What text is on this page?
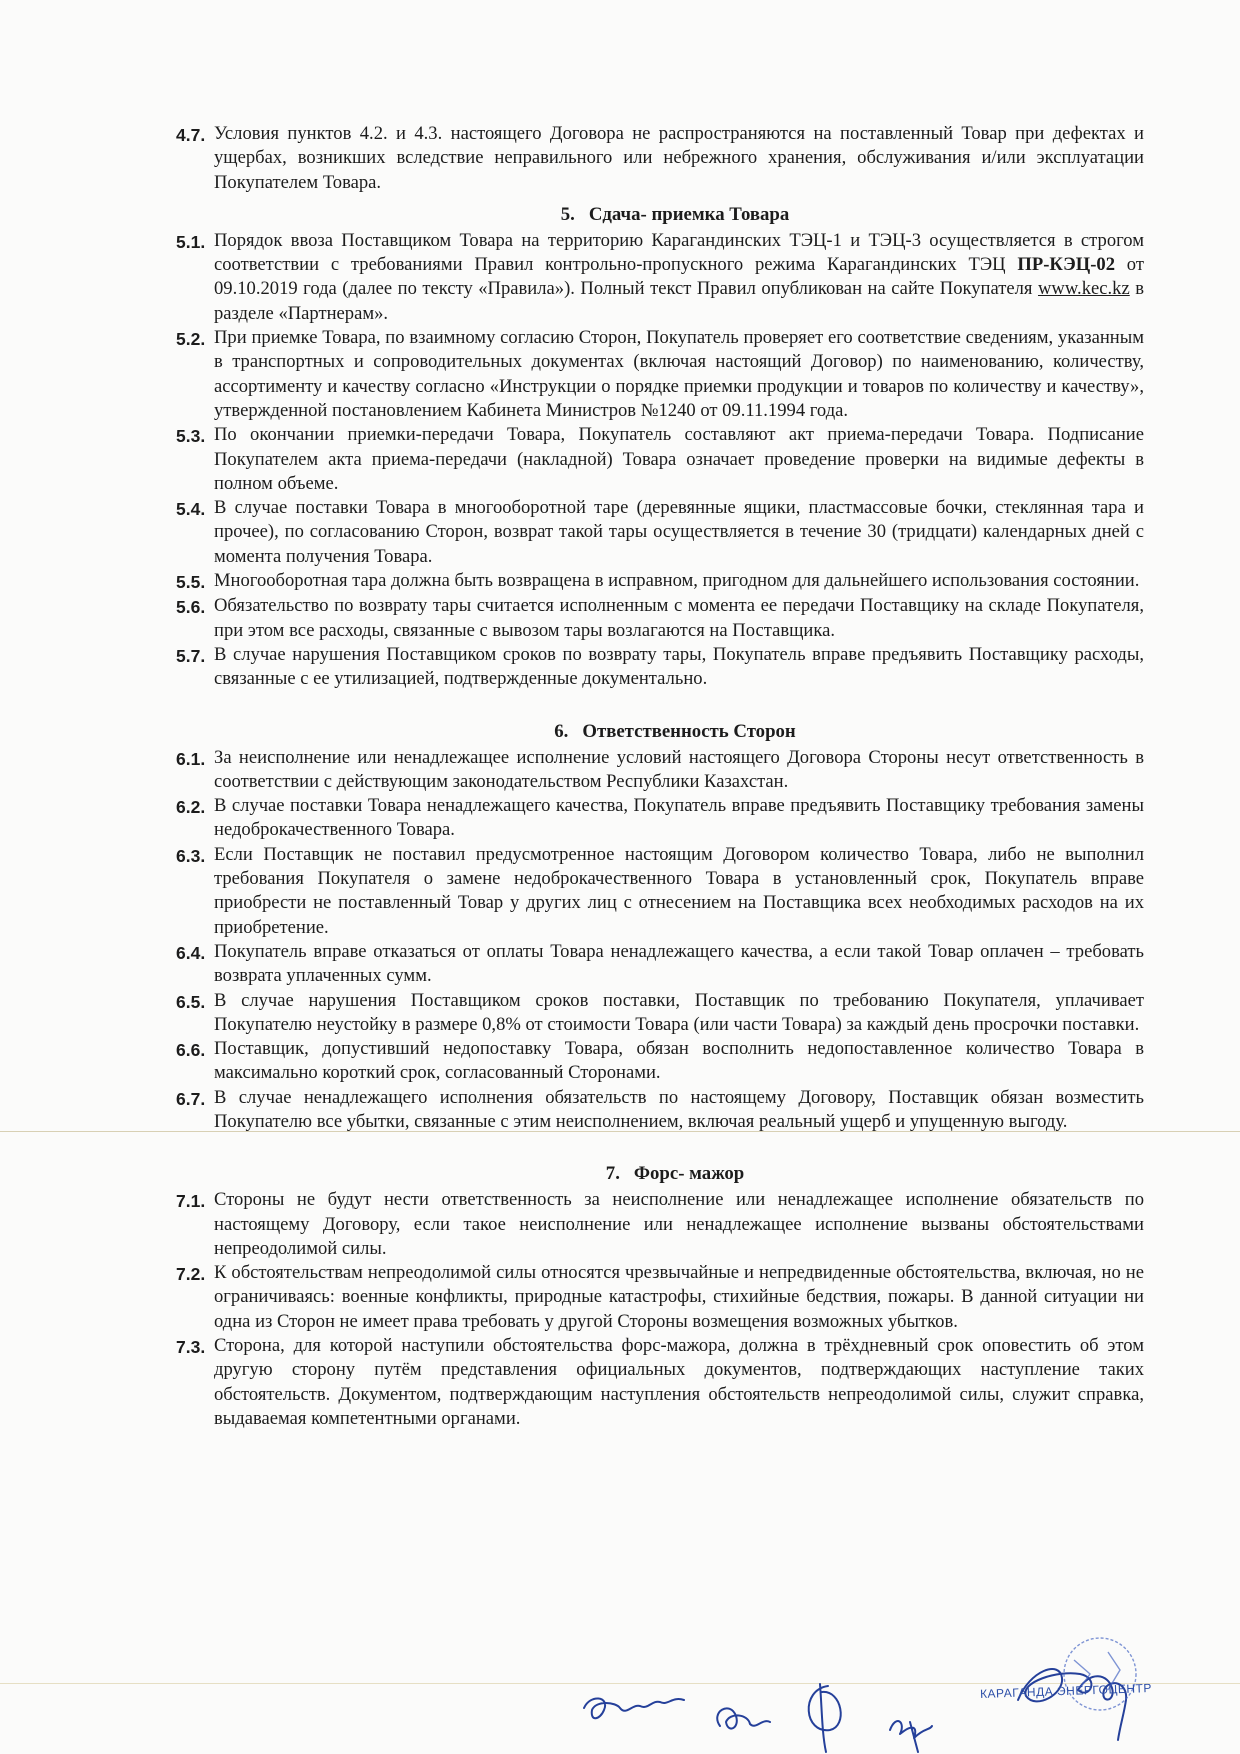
4.7. Условия пунктов 4.2. и 4.3. настоящего Договора не распространяются на поставленный Товар при дефектах и ущербах, возникших вследствие неправильного или небрежного хранения, обслуживания и/или эксплуатации Покупателем Товара.
5. Сдача- приемка Товара
5.1. Порядок ввоза Поставщиком Товара на территорию Карагандинских ТЭЦ-1 и ТЭЦ-3 осуществляется в строгом соответствии с требованиями Правил контрольно-пропускного режима Карагандинских ТЭЦ ПР-КЭЦ-02 от 09.10.2019 года (далее по тексту «Правила»). Полный текст Правил опубликован на сайте Покупателя www.kec.kz в разделе «Партнерам».
5.2. При приемке Товара, по взаимному согласию Сторон, Покупатель проверяет его соответствие сведениям, указанным в транспортных и сопроводительных документах (включая настоящий Договор) по наименованию, количеству, ассортименту и качеству согласно «Инструкции о порядке приемки продукции и товаров по количеству и качеству», утвержденной постановлением Кабинета Министров №1240 от 09.11.1994 года.
5.3. По окончании приемки-передачи Товара, Покупатель составляют акт приема-передачи Товара. Подписание Покупателем акта приема-передачи (накладной) Товара означает проведение проверки на видимые дефекты в полном объеме.
5.4. В случае поставки Товара в многооборотной таре (деревянные ящики, пластмассовые бочки, стеклянная тара и прочее), по согласованию Сторон, возврат такой тары осуществляется в течение 30 (тридцати) календарных дней с момента получения Товара.
5.5. Многооборотная тара должна быть возвращена в исправном, пригодном для дальнейшего использования состоянии.
5.6. Обязательство по возврату тары считается исполненным с момента ее передачи Поставщику на складе Покупателя, при этом все расходы, связанные с вывозом тары возлагаются на Поставщика.
5.7. В случае нарушения Поставщиком сроков по возврату тары, Покупатель вправе предъявить Поставщику расходы, связанные с ее утилизацией, подтвержденные документально.
6. Ответственность Сторон
6.1. За неисполнение или ненадлежащее исполнение условий настоящего Договора Стороны несут ответственность в соответствии с действующим законодательством Республики Казахстан.
6.2. В случае поставки Товара ненадлежащего качества, Покупатель вправе предъявить Поставщику требования замены недоброкачественного Товара.
6.3. Если Поставщик не поставил предусмотренное настоящим Договором количество Товара, либо не выполнил требования Покупателя о замене недоброкачественного Товара в установленный срок, Покупатель вправе приобрести не поставленный Товар у других лиц с отнесением на Поставщика всех необходимых расходов на их приобретение.
6.4. Покупатель вправе отказаться от оплаты Товара ненадлежащего качества, а если такой Товар оплачен – требовать возврата уплаченных сумм.
6.5. В случае нарушения Поставщиком сроков поставки, Поставщик по требованию Покупателя, уплачивает Покупателю неустойку в размере 0,8% от стоимости Товара (или части Товара) за каждый день просрочки поставки.
6.6. Поставщик, допустивший недопоставку Товара, обязан восполнить недопоставленное количество Товара в максимально короткий срок, согласованный Сторонами.
6.7. В случае ненадлежащего исполнения обязательств по настоящему Договору, Поставщик обязан возместить Покупателю все убытки, связанные с этим неисполнением, включая реальный ущерб и упущенную выгоду.
7. Форс- мажор
7.1. Стороны не будут нести ответственность за неисполнение или ненадлежащее исполнение обязательств по настоящему Договору, если такое неисполнение или ненадлежащее исполнение вызваны обстоятельствами непреодолимой силы.
7.2. К обстоятельствам непреодолимой силы относятся чрезвычайные и непредвиденные обстоятельства, включая, но не ограничиваясь: военные конфликты, природные катастрофы, стихийные бедствия, пожары. В данной ситуации ни одна из Сторон не имеет права требовать у другой Стороны возмещения возможных убытков.
7.3. Сторона, для которой наступили обстоятельства форс-мажора, должна в трёхдневный срок оповестить об этом другую сторону путём представления официальных документов, подтверждающих наступление таких обстоятельств. Документом, подтверждающим наступления обстоятельств непреодолимой силы, служит справка, выдаваемая компетентными органами.
КАРАГАНДА ЭНЕРГОЦЕНТР
